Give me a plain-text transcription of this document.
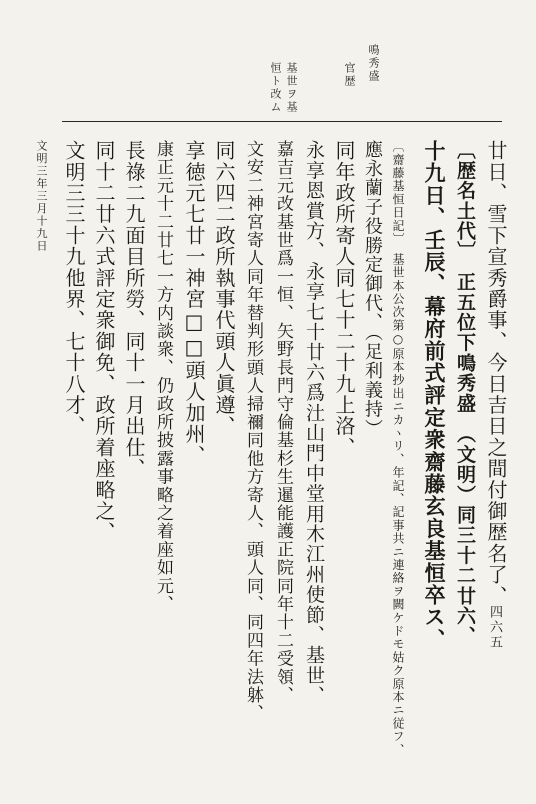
鳴秀盛
官歴
基世ヲ基
恒ト改ム
廿日、雪下宣秀爵事、今日吉日之間付御歴名了、
〔歴名土代〕　正五位下鳴秀盛　（文明）同三十二廿六、
十九日、壬辰、幕府前式評定衆齋藤玄良基恒卒ス、
〔齋藤基恒日記〕　基世本公次第○原本抄出ニカヽリ、年記、記事共ニ連絡ヲ闕ケドモ姑ク原本ニ従フ、
應永蘭子役勝定御代、（足利義持）
同年政所寄人同七十二十九上洛、
永享恩賞方、永享七十廿六爲汢山門中堂用木江州使節、基世、
嘉吉元改基世爲一恒、矢野長門守倫基杉生暹能護正院同年十二受領、
文安二神宮寄人同年替判形頭人掃禰同他方寄人、頭人同、同四年法躰、
同六四二政所執事代頭人眞遵、
享徳元七廿一神宮□□頭人加州、
康正元十二廿七一方内談衆、仍政所披露事略之着座如元、
長祿二九面目所勞、同十一月出仕、
同十二廿六式評定衆御免、政所着座略之、
文明三三十九他界、七十八才、
文明三年三月十九日
四六五
